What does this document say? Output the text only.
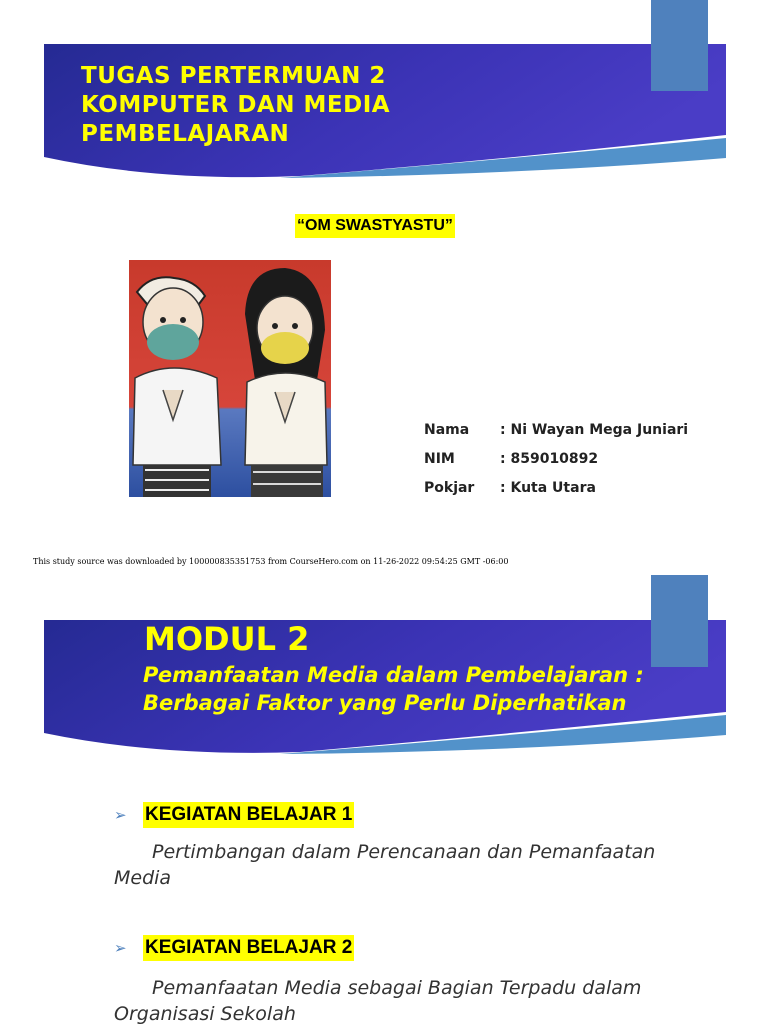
TUGAS PERTERMUAN 2
KOMPUTER DAN MEDIA
PEMBELAJARAN
“OM SWASTYASTU”
Nama : Ni Wayan Mega Juniari
NIM	: 859010892
Pokjar : Kuta Utara

This study source was downloaded by 100000835351753 from CourseHero.com on 11-26-2022 09:54:25 GMT -06:00

MODUL 2

Pemanfaatan Media dalam Pembelajaran : Berbagai Faktor yang Perlu Diperhatikan

➢ KEGIATAN BELAJAR 1

Pertimbangan dalam Perencanaan dan Pemanfaatan Media

➢ KEGIATAN BELAJAR 2

Pemanfaatan Media sebagai Bagian Terpadu dalam Organisasi Sekolah
